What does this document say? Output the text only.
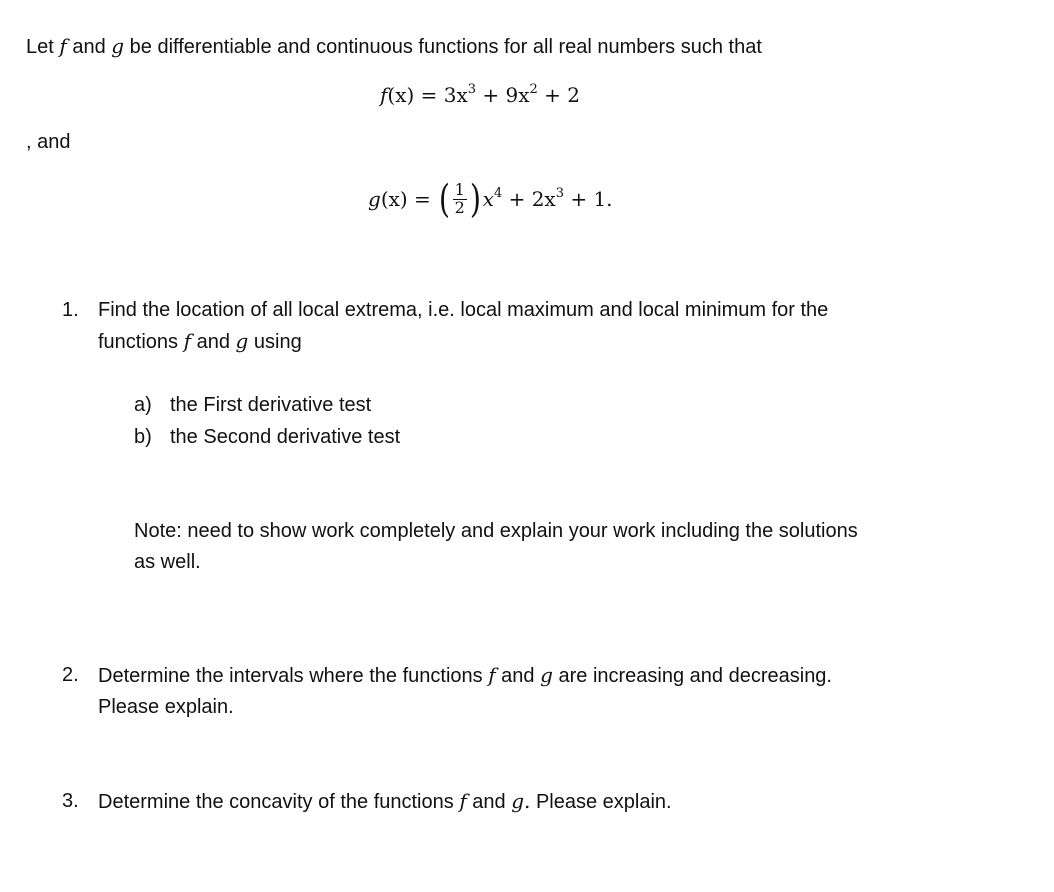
Let f and g be differentiable and continuous functions for all real numbers such that
$f(x) = 3x^3 + 9x^2 + 2$
, and
g (x) = ( $\frac{1}{2}$ ) $x^4 + 2x^3 + 1$.
1. Find the location of all local extrema, i.e. local maximum and local minimum for the
functions f and g using
a) the First derivative test
b) the Second derivative test
Note: need to show work completely and explain your work including the solutions
as well.
2. Determine the intervals where the functions f and g are increasing and decreasing.
Please explain.
3. Determine the concavity of the functions f and g. Please explain.
